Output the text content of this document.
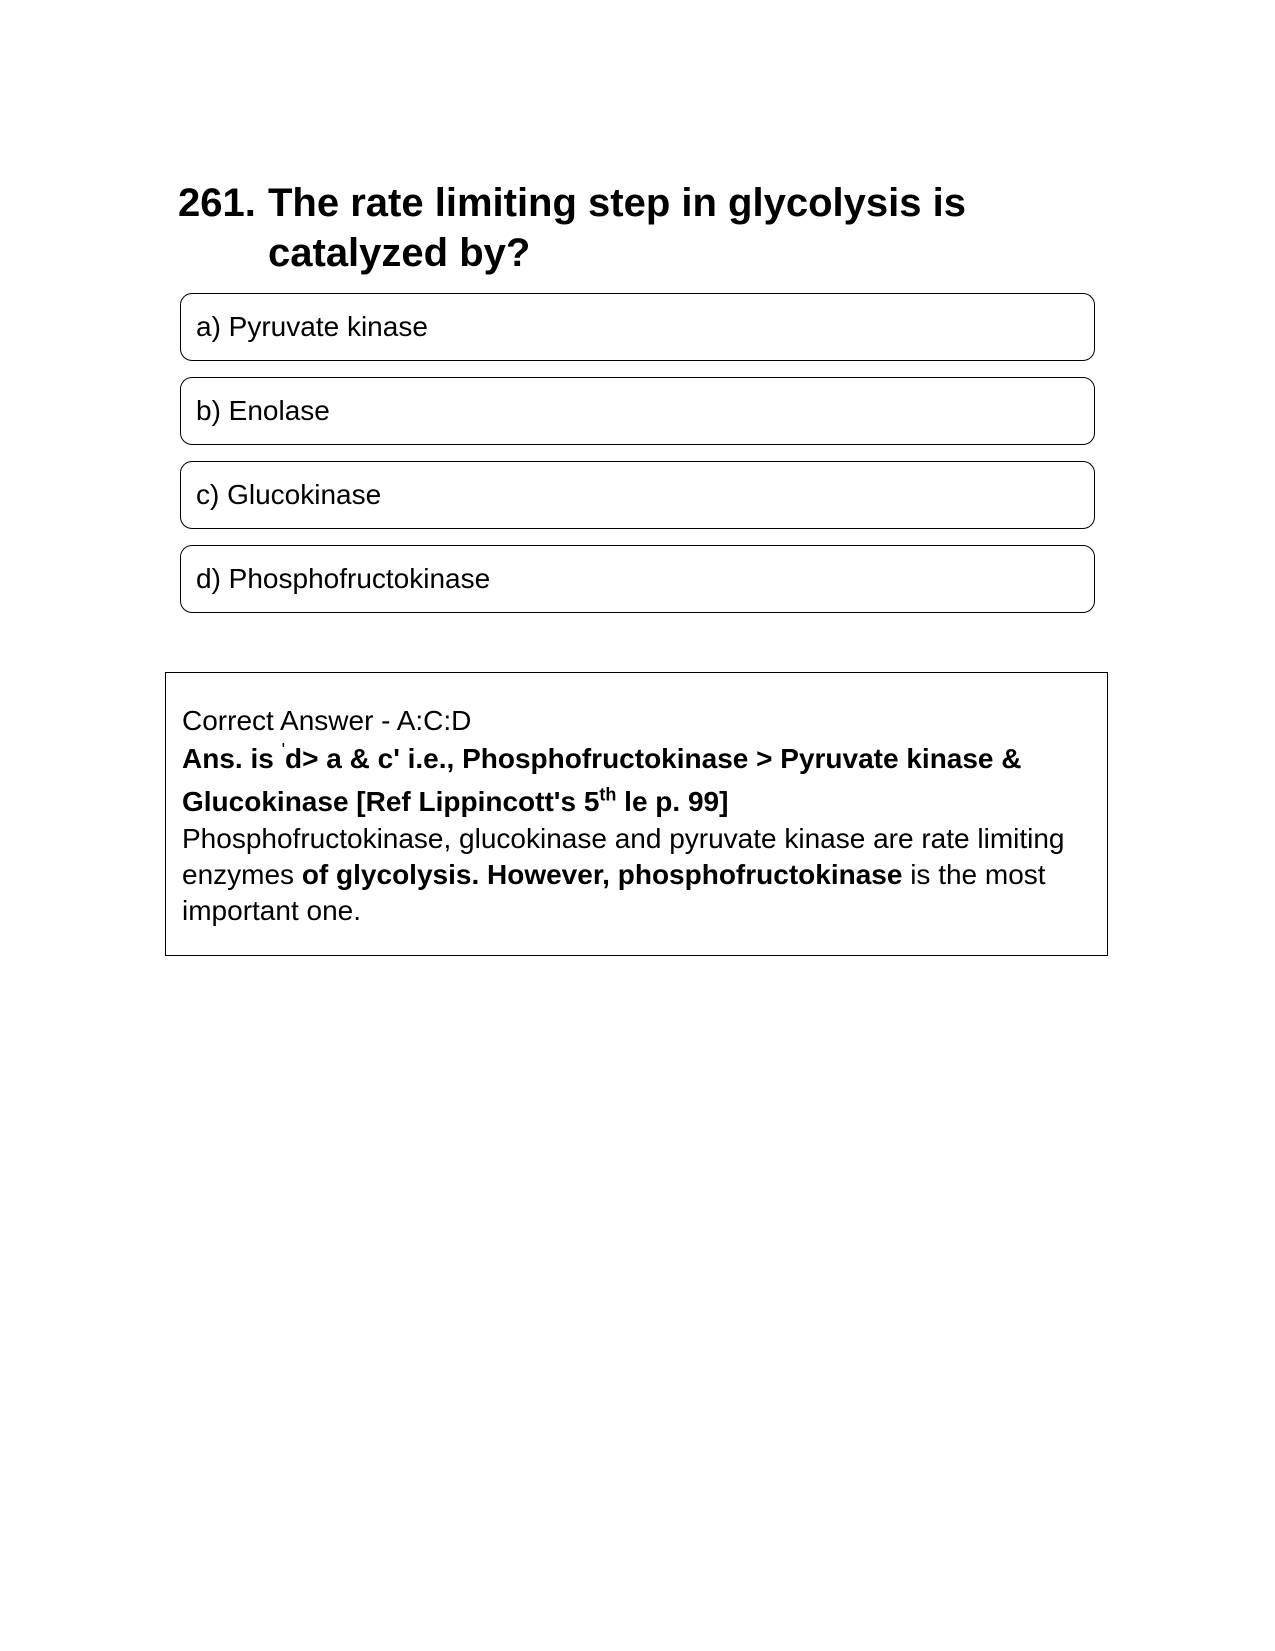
261. The rate limiting step in glycolysis is catalyzed by?
a) Pyruvate kinase
b) Enolase
c) Glucokinase
d) Phosphofructokinase

Correct Answer - A:C:D

Ans. is 'd> a & c' i.e., Phosphofructokinase > Pyruvate kinase & Glucokinase [Ref Lippincott's 5th le p. 99]

Phosphofructokinase, glucokinase and pyruvate kinase are rate limiting enzymes of glycolysis. However, phosphofructokinase is the most important one.
